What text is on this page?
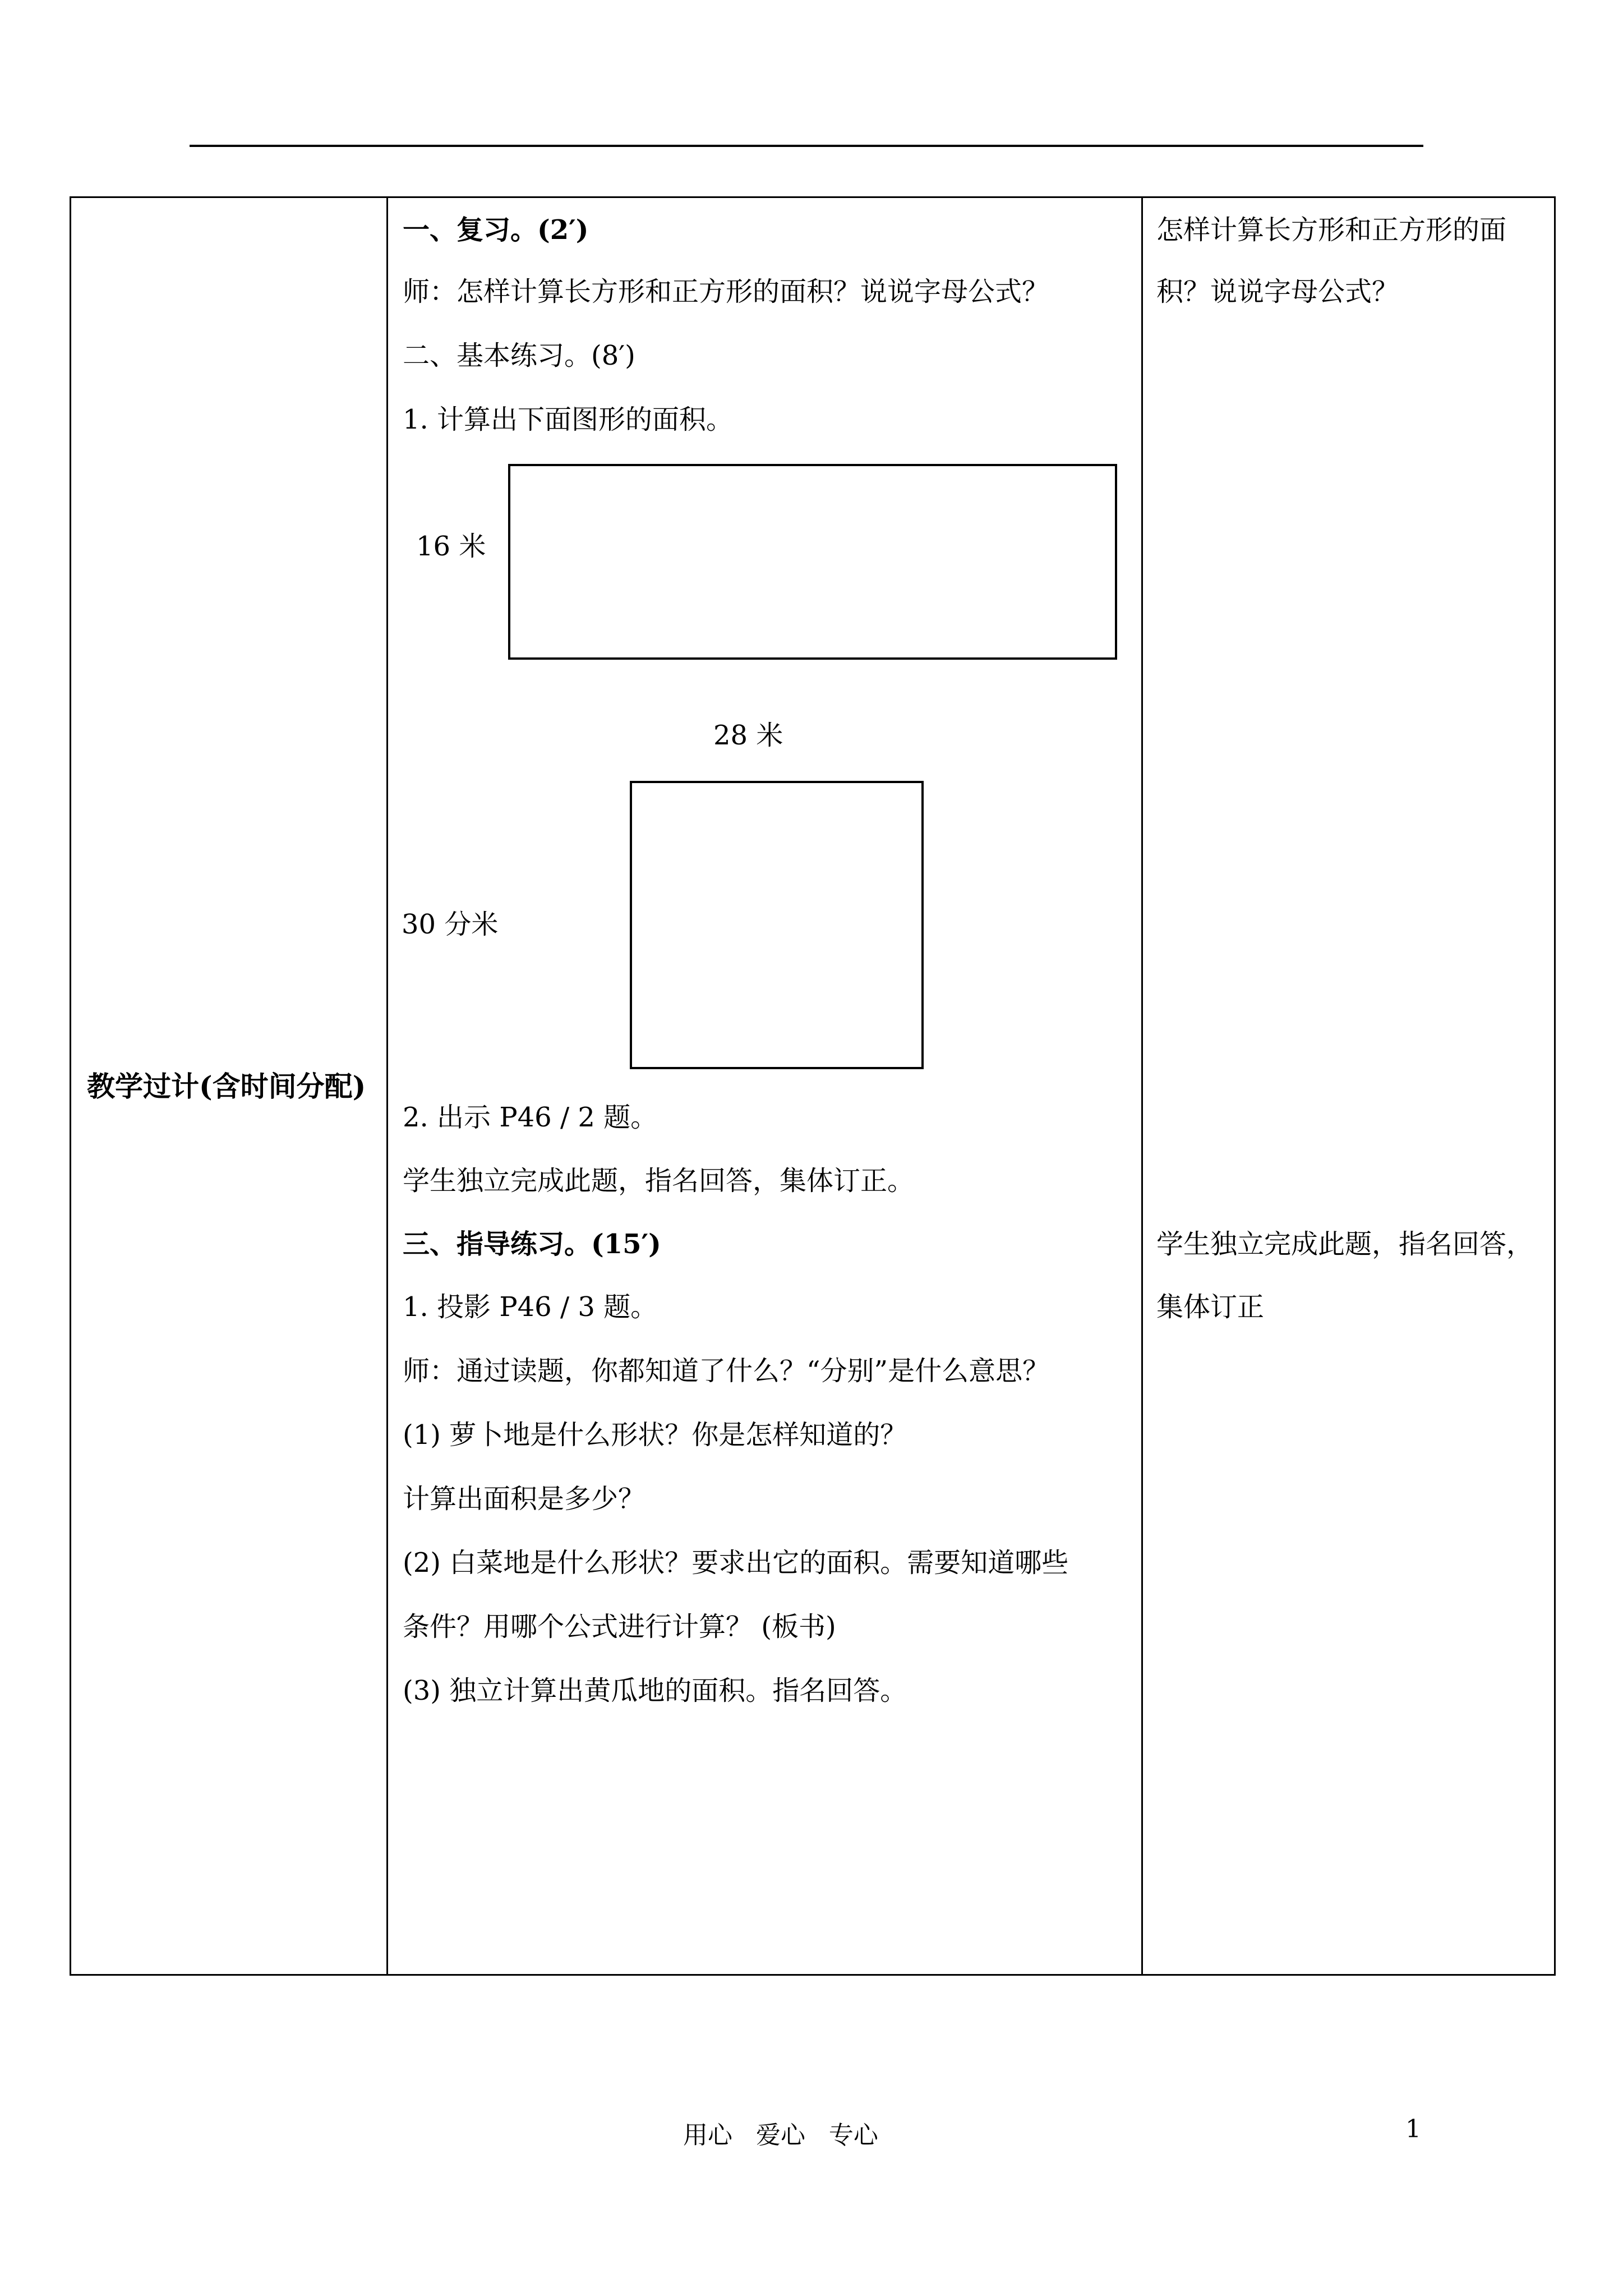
教学过计(含时间分配)
一、复习。(2′)
师：怎样计算长方形和正方形的面积？说说字母公式？
二、基本练习。(8′)
1. 计算出下面图形的面积。
16 米
28 米
30 分米
2. 出示 P46 / 2 题。
学生独立完成此题，指名回答，集体订正。
三、指导练习。(15′)
1. 投影 P46 / 3 题。
师：通过读题，你都知道了什么？“分别”是什么意思？
(1) 萝卜地是什么形状？你是怎样知道的？
计算出面积是多少？
(2) 白菜地是什么形状？要求出它的面积。需要知道哪些
条件？用哪个公式进行计算？ (板书)
(3) 独立计算出黄瓜地的面积。指名回答。
怎样计算长方形和正方形的面
积？说说字母公式？
学生独立完成此题，指名回答，
集体订正
用心   爱心   专心	1
